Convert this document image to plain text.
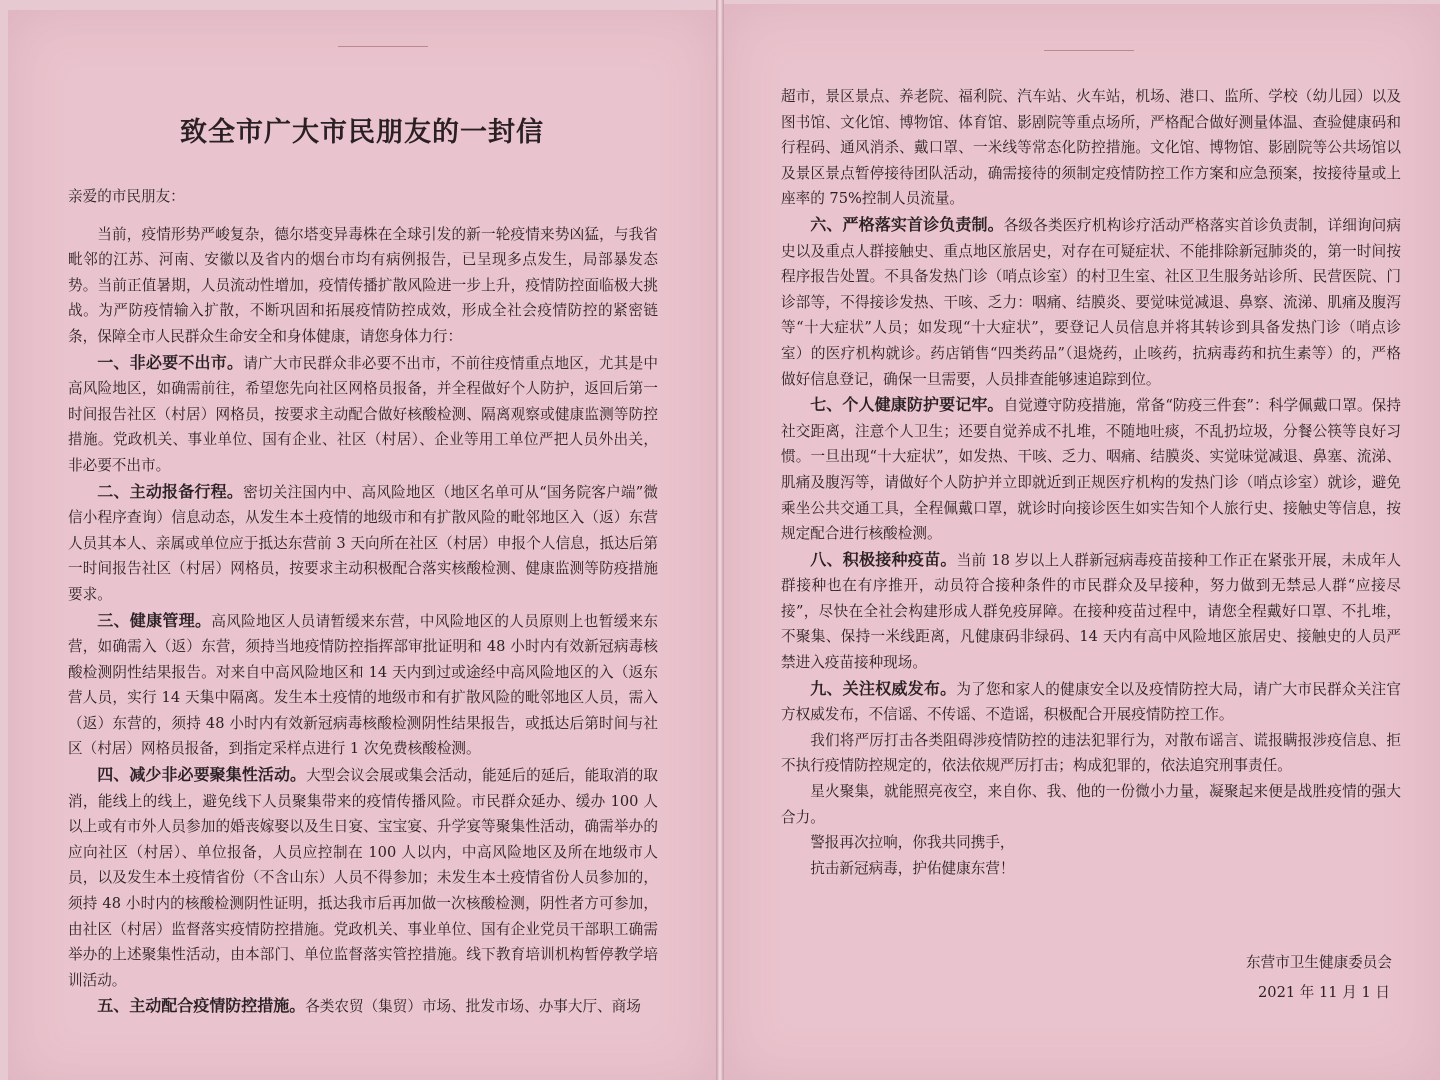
致全市广大市民朋友的一封信

亲爱的市民朋友：

当前，疫情形势严峻复杂，德尔塔变异毒株在全球引发的新一轮疫情来势凶猛，与我省毗邻的江苏、河南、安徽以及省内的烟台市均有病例报告，已呈现多点发生，局部暴发态势。当前正值暑期，人员流动性增加，疫情传播扩散风险进一步上升，疫情防控面临极大挑战。为严防疫情输入扩散，不断巩固和拓展疫情防控成效，形成全社会疫情防控的紧密链条，保障全市人民群众生命安全和身体健康，请您身体力行：

一、非必要不出市。请广大市民群众非必要不出市，不前往疫情重点地区，尤其是中高风险地区，如确需前往，希望您先向社区网格员报备，并全程做好个人防护，返回后第一时间报告社区（村居）网格员，按要求主动配合做好核酸检测、隔离观察或健康监测等防控措施。党政机关、事业单位、国有企业、社区（村居）、企业等用工单位严把人员外出关，非必要不出市。

二、主动报备行程。密切关注国内中、高风险地区（地区名单可从“国务院客户端”微信小程序查询）信息动态，从发生本土疫情的地级市和有扩散风险的毗邻地区入（返）东营人员其本人、亲属或单位应于抵达东营前 3 天向所在社区（村居）申报个人信息，抵达后第一时间报告社区（村居）网格员，按要求主动积极配合落实核酸检测、健康监测等防疫措施要求。

三、健康管理。高风险地区人员请暂缓来东营，中风险地区的人员原则上也暂缓来东营，如确需入（返）东营，须持当地疫情防控指挥部审批证明和 48 小时内有效新冠病毒核酸检测阴性结果报告。对来自中高风险地区和 14 天内到过或途经中高风险地区的入（返东营人员，实行 14 天集中隔离。发生本土疫情的地级市和有扩散风险的毗邻地区人员，需入（返）东营的，须持 48 小时内有效新冠病毒核酸检测阴性结果报告，或抵达后第时间与社区（村居）网格员报备，到指定采样点进行 1 次免费核酸检测。

四、减少非必要聚集性活动。大型会议会展或集会活动，能延后的延后，能取消的取消，能线上的线上，避免线下人员聚集带来的疫情传播风险。市民群众延办、缓办 100 人以上或有市外人员参加的婚丧嫁娶以及生日宴、宝宝宴、升学宴等聚集性活动，确需举办的应向社区（村居）、单位报备，人员应控制在 100 人以内，中高风险地区及所在地级市人员，以及发生本土疫情省份（不含山东）人员不得参加；未发生本土疫情省份人员参加的，须持 48 小时内的核酸检测阴性证明，抵达我市后再加做一次核酸检测，阴性者方可参加，由社区（村居）监督落实疫情防控措施。党政机关、事业单位、国有企业党员干部职工确需举办的上述聚集性活动，由本部门、单位监督落实管控措施。线下教育培训机构暂停教学培训活动。

五、主动配合疫情防控措施。各类农贸（集贸）市场、批发市场、办事大厅、商场

超市，景区景点、养老院、福利院、汽车站、火车站，机场、港口、监所、学校（幼儿园）以及图书馆、文化馆、博物馆、体育馆、影剧院等重点场所，严格配合做好测量体温、查验健康码和行程码、通风消杀、戴口罩、一米线等常态化防控措施。文化馆、博物馆、影剧院等公共场馆以及景区景点暂停接待团队活动，确需接待的须制定疫情防控工作方案和应急预案，按接待量或上座率的 75%控制人员流量。

六、严格落实首诊负责制。各级各类医疗机构诊疗活动严格落实首诊负责制，详细询问病史以及重点人群接触史、重点地区旅居史，对存在可疑症状、不能排除新冠肺炎的，第一时间按程序报告处置。不具备发热门诊（哨点诊室）的村卫生室、社区卫生服务站诊所、民营医院、门诊部等，不得接诊发热、干咳、乏力：咽痛、结膜炎、要觉味觉减退、鼻察、流涕、肌痛及腹泻等“十大症状”人员；如发现“十大症状”，要登记人员信息并将其转诊到具备发热门诊（哨点诊室）的医疗机构就诊。药店销售“四类药品”（退烧药，止咳药，抗病毒药和抗生素等）的，严格做好信息登记，确保一旦需要，人员排查能够速追踪到位。

七、个人健康防护要记牢。自觉遵守防疫措施，常备“防疫三件套”：科学佩戴口罩。保持社交距离，注意个人卫生；还要自觉养成不扎堆，不随地吐痰，不乱扔垃圾，分餐公筷等良好习惯。一旦出现“十大症状”，如发热、干咳、乏力、咽痛、结膜炎、实觉味觉减退、鼻塞、流涕、肌痛及腹泻等，请做好个人防护并立即就近到正规医疗机构的发热门诊（哨点诊室）就诊，避免乘坐公共交通工具，全程佩戴口罩，就诊时向接诊医生如实告知个人旅行史、接触史等信息，按规定配合进行核酸检测。

八、积极接种疫苗。当前 18 岁以上人群新冠病毒疫苗接种工作正在紧张开展，未成年人群接种也在有序推开，动员符合接种条件的市民群众及早接种，努力做到无禁忌人群“应接尽接”，尽快在全社会构建形成人群免疫屏障。在接种疫苗过程中，请您全程戴好口罩、不扎堆，不聚集、保持一米线距离，凡健康码非绿码、14 天内有高中风险地区旅居史、接触史的人员严禁进入疫苗接种现场。

九、关注权威发布。为了您和家人的健康安全以及疫情防控大局，请广大市民群众关注官方权威发布，不信谣、不传谣、不造谣，积极配合开展疫情防控工作。

我们将严厉打击各类阻碍涉疫情防控的违法犯罪行为，对散布谣言、谎报瞒报涉疫信息、拒不执行疫情防控规定的，依法依规严厉打击；构成犯罪的，依法追究刑事责任。

星火聚集，就能照亮夜空，来自你、我、他的一份微小力量，凝聚起来便是战胜疫情的强大合力。

警报再次拉响，你我共同携手，

抗击新冠病毒，护佑健康东营！

东营市卫生健康委员会
2021 年 11 月 1 日
